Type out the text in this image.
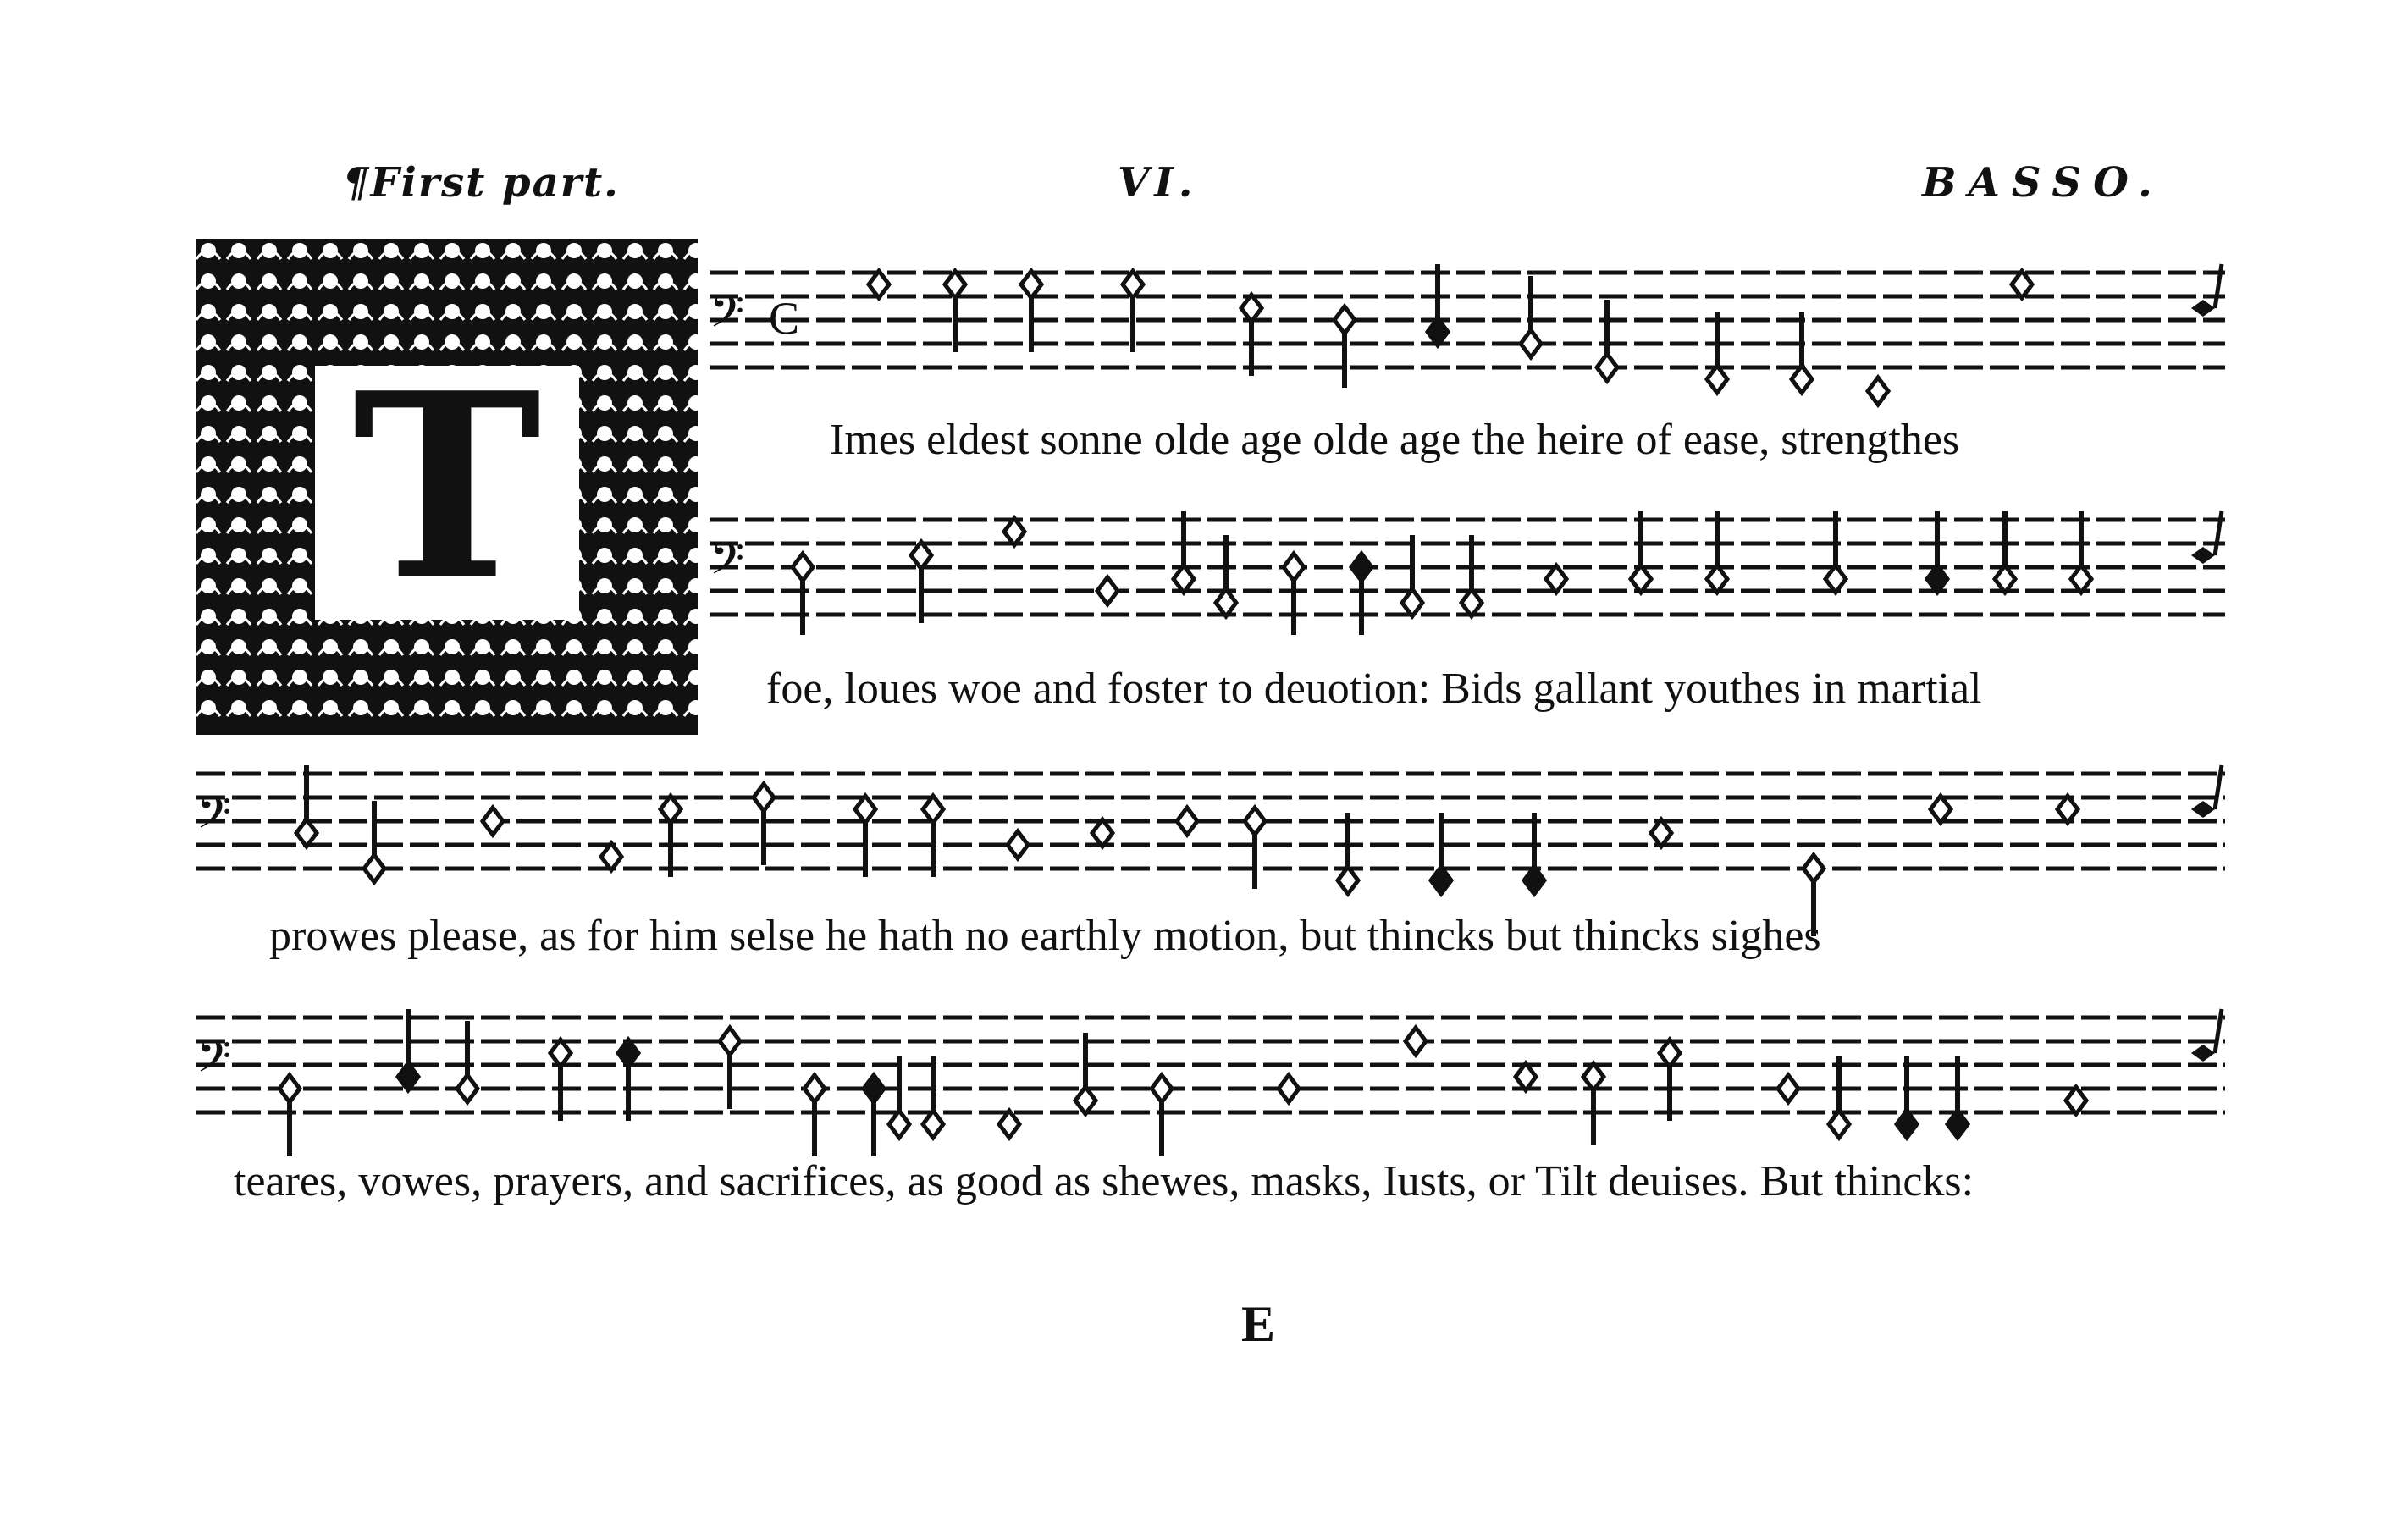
¶First part.	VI.	BASSO.
T
𝄢 C
Imes eldest sonne olde age olde age the heire of ease, strengthes
𝄢
foe, loues woe and foster to deuotion: Bids gallant youthes in martial
𝄢
prowes please, as for him selse he hath no earthly motion, but thincks but thincks sighes
𝄢
teares, vowes, prayers, and sacrifices, as good as shewes, masks, Iusts, or Tilt deuises. But thincks:
E
